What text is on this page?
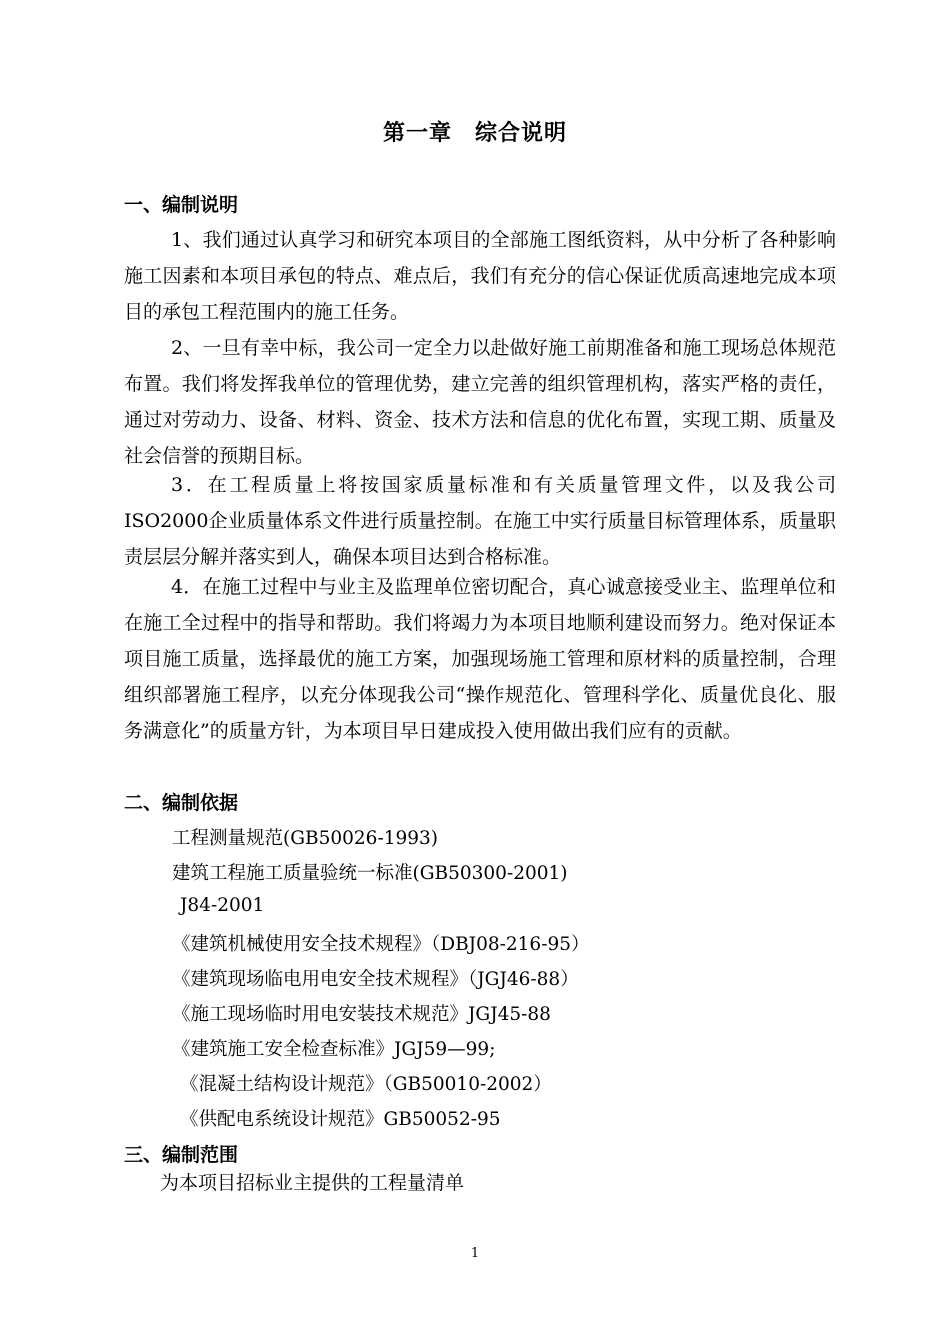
第一章　综合说明
一、编制说明

1、我们通过认真学习和研究本项目的全部施工图纸资料，从中分析了各种影响施工因素和本项目承包的特点、难点后，我们有充分的信心保证优质高速地完成本项目的承包工程范围内的施工任务。

2、一旦有幸中标，我公司一定全力以赴做好施工前期准备和施工现场总体规范布置。我们将发挥我单位的管理优势，建立完善的组织管理机构，落实严格的责任，通过对劳动力、设备、材料、资金、技术方法和信息的优化布置，实现工期、质量及社会信誉的预期目标。

3．在工程质量上将按国家质量标准和有关质量管理文件，以及我公司ISO2000企业质量体系文件进行质量控制。在施工中实行质量目标管理体系，质量职责层层分解并落实到人，确保本项目达到合格标准。

4．在施工过程中与业主及监理单位密切配合，真心诚意接受业主、监理单位和在施工全过程中的指导和帮助。我们将竭力为本项目地顺利建设而努力。绝对保证本项目施工质量，选择最优的施工方案，加强现场施工管理和原材料的质量控制，合理组织部署施工程序，以充分体现我公司“操作规范化、管理科学化、质量优良化、服务满意化”的质量方针，为本项目早日建成投入使用做出我们应有的贡献。

二、编制依据
工程测量规范(GB50026-1993)
建筑工程施工质量验统一标准(GB50300-2001)
J84-2001
《建筑机械使用安全技术规程》（DBJ08-216-95）
《建筑现场临电用电安全技术规程》（JGJ46-88）
《施工现场临时用电安装技术规范》JGJ45-88
《建筑施工安全检查标准》JGJ59—99;
《混凝土结构设计规范》（GB50010-2002）
《供配电系统设计规范》GB50052-95
三、编制范围
为本项目招标业主提供的工程量清单
1
